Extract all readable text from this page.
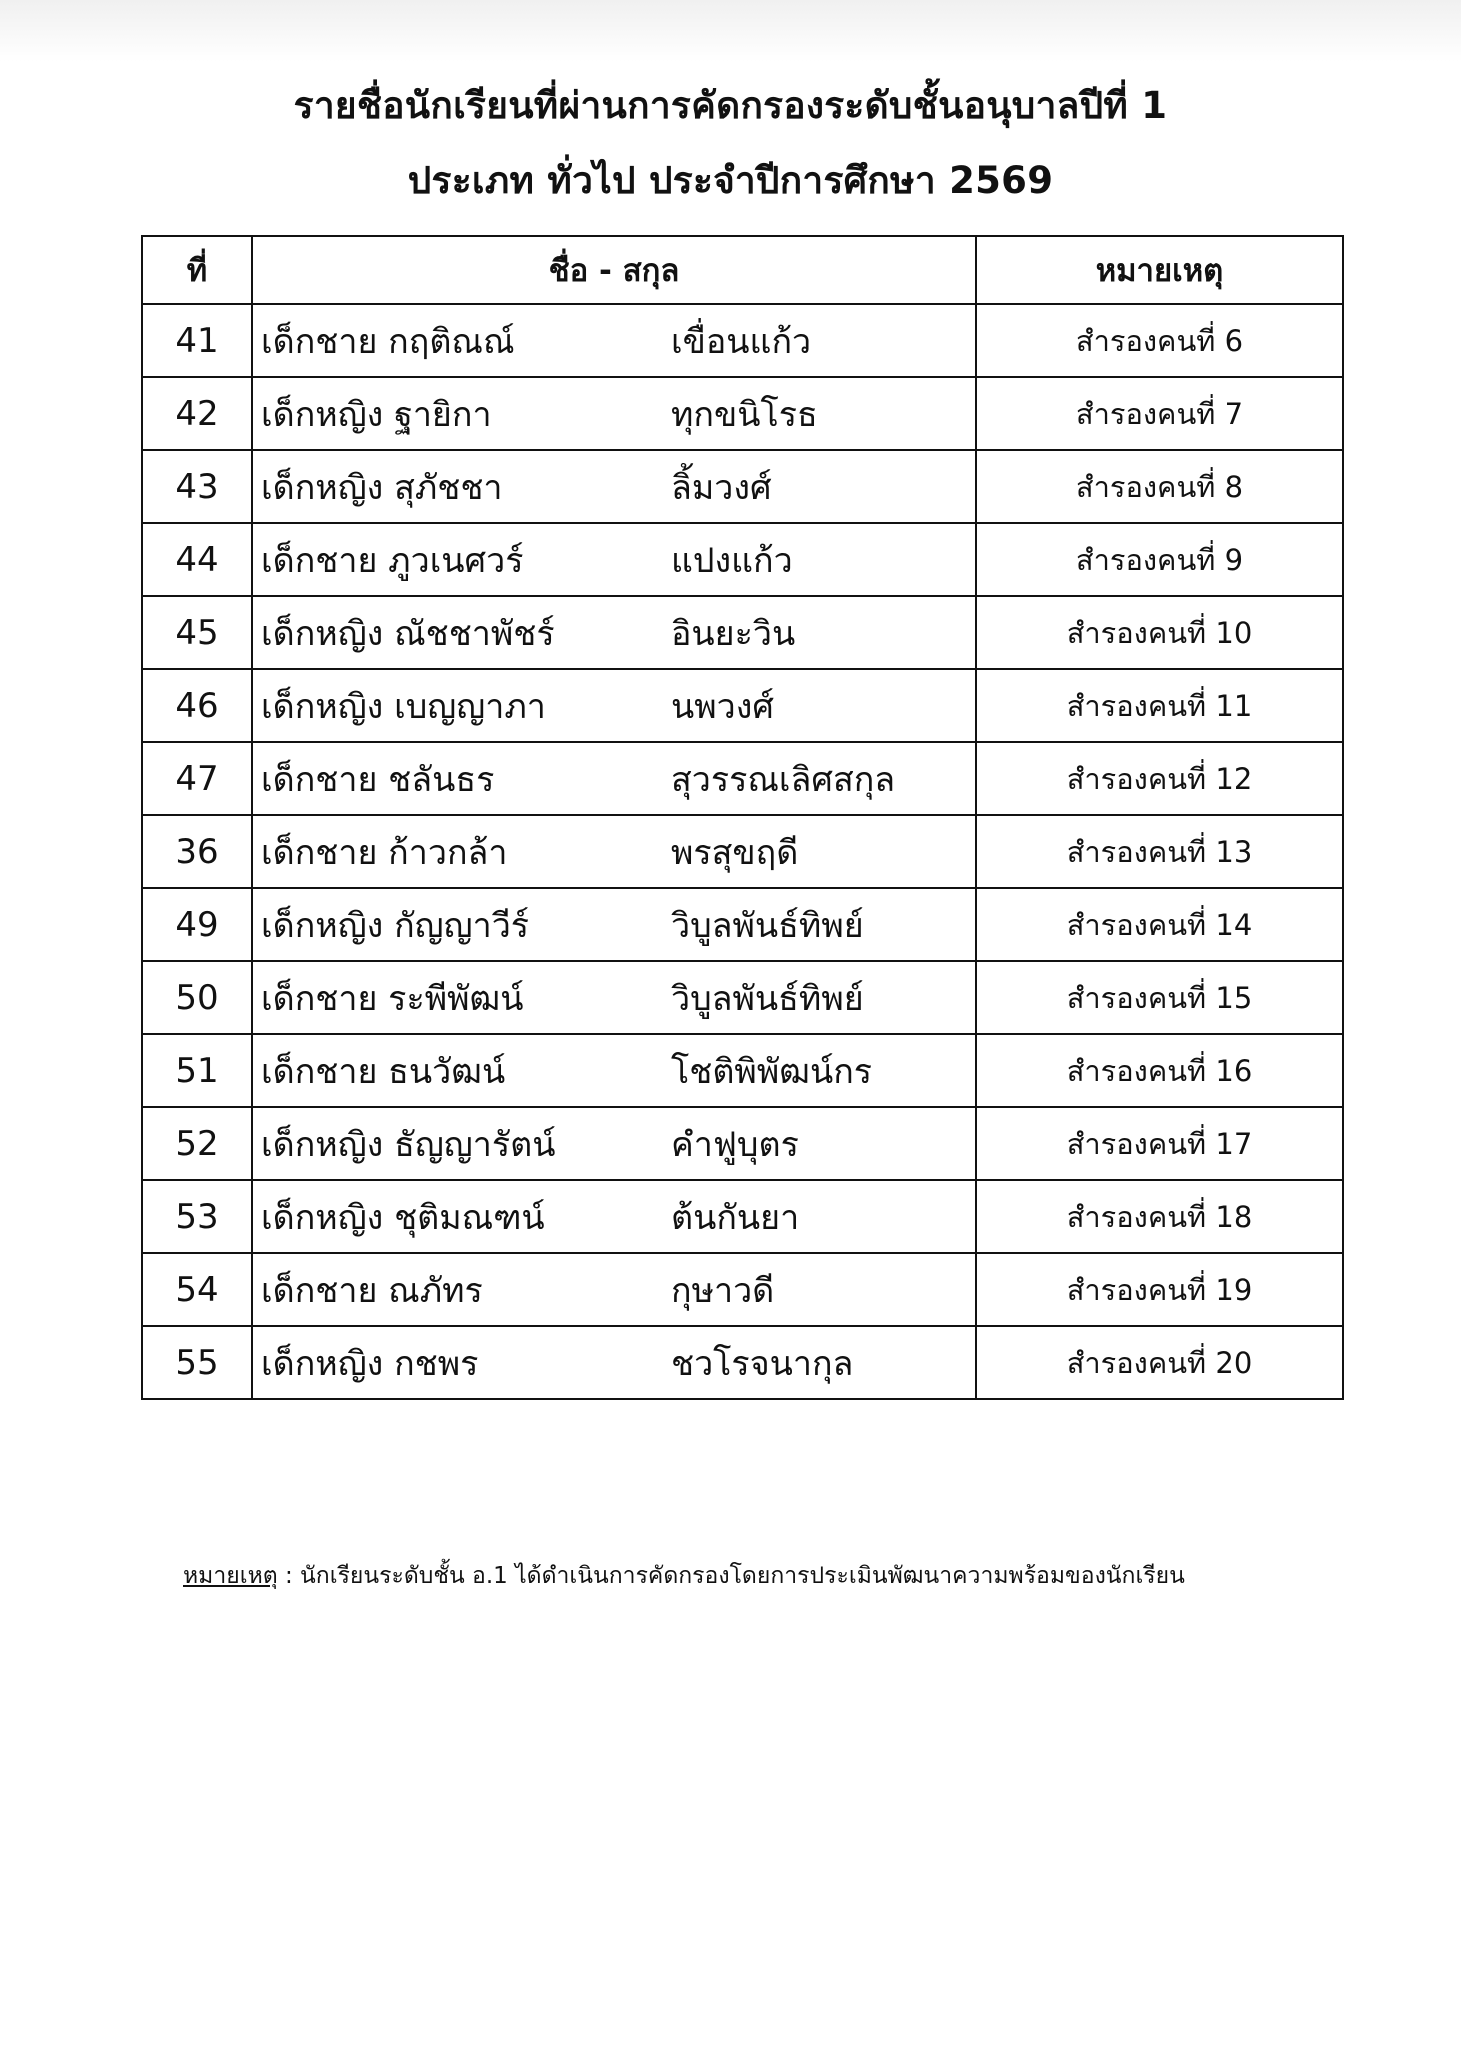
รายชื่อนักเรียนที่ผ่านการคัดกรองระดับชั้นอนุบาลปีที่ 1
ประเภท ทั่วไป ประจำปีการศึกษา 2569
ที่	ชื่อ - สกุล	หมายเหตุ
41	เด็กชาย กฤติณณ์ เขื่อนแก้ว	สำรองคนที่ 6
42	เด็กหญิง ฐายิกา ทุกขนิโรธ	สำรองคนที่ 7
43	เด็กหญิง สุภัชชา ลิ้มวงศ์	สำรองคนที่ 8
44	เด็กชาย ภูวเนศวร์ แปงแก้ว	สำรองคนที่ 9
45	เด็กหญิง ณัชชาพัชร์ อินยะวิน	สำรองคนที่ 10
46	เด็กหญิง เบญญาภา นพวงศ์	สำรองคนที่ 11
47	เด็กชาย ชลันธร สุวรรณเลิศสกุล	สำรองคนที่ 12
36	เด็กชาย ก้าวกล้า พรสุขฤดี	สำรองคนที่ 13
49	เด็กหญิง กัญญาวีร์ วิบูลพันธ์ทิพย์	สำรองคนที่ 14
50	เด็กชาย ระพีพัฒน์ วิบูลพันธ์ทิพย์	สำรองคนที่ 15
51	เด็กชาย ธนวัฒน์ โชติพิพัฒน์กร	สำรองคนที่ 16
52	เด็กหญิง ธัญญารัตน์ คำฟูบุตร	สำรองคนที่ 17
53	เด็กหญิง ชุติมณฑน์ ต้นกันยา	สำรองคนที่ 18
54	เด็กชาย ณภัทร กุษาวดี	สำรองคนที่ 19
55	เด็กหญิง กชพร ชวโรจนากุล	สำรองคนที่ 20
หมายเหตุ : นักเรียนระดับชั้น อ.1 ได้ดำเนินการคัดกรองโดยการประเมินพัฒนาความพร้อมของนักเรียน
